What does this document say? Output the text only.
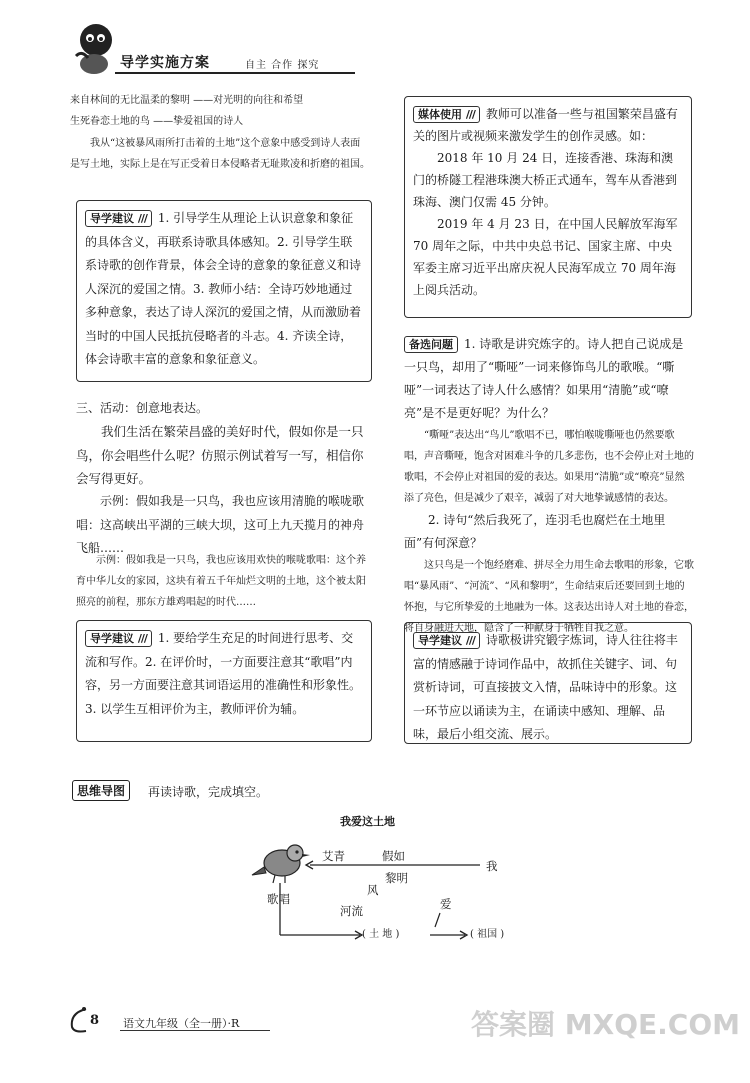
导学实施方案	自主 合作 探究
来自林间的无比温柔的黎明 ——对光明的向往和希望
生死眷恋土地的鸟 ——挚爱祖国的诗人
我从“这被暴风雨所打击着的土地”这个意象中感受到诗人表面是写土地，实际上是在写正受着日本侵略者无耻欺凌和折磨的祖国。
导学建议 /// 1. 引导学生从理论上认识意象和象征的具体含义，再联系诗歌具体感知。2. 引导学生联系诗歌的创作背景，体会全诗的意象的象征意义和诗人深沉的爱国之情。3. 教师小结：全诗巧妙地通过多种意象，表达了诗人深沉的爱国之情，从而激励着当时的中国人民抵抗侵略者的斗志。4. 齐读全诗，体会诗歌丰富的意象和象征意义。
三、活动：创意地表达。
我们生活在繁荣昌盛的美好时代，假如你是一只鸟，你会唱些什么呢？仿照示例试着写一写，相信你会写得更好。
示例：假如我是一只鸟，我也应该用清脆的喉咙歌唱：这高峡出平湖的三峡大坝，这可上九天揽月的神舟飞船……
示例：假如我是一只鸟，我也应该用欢快的喉咙歌唱：这个养育中华儿女的家园，这块有着五千年灿烂文明的土地，这个被太阳照亮的前程，那东方雄鸡唱起的时代……
导学建议 /// 1. 要给学生充足的时间进行思考、交流和写作。2. 在评价时，一方面要注意其“歌唱”内容，另一方面要注意其词语运用的准确性和形象性。3. 以学生互相评价为主，教师评价为辅。

媒体使用 /// 教师可以准备一些与祖国繁荣昌盛有关的图片或视频来激发学生的创作灵感。如：

2018 年 10 月 24 日，连接香港、珠海和澳门的桥隧工程港珠澳大桥正式通车，驾车从香港到珠海、澳门仅需 45 分钟。

2019 年 4 月 23 日，在中国人民解放军海军 70 周年之际，中共中央总书记、国家主席、中央军委主席习近平出席庆祝人民海军成立 70 周年海上阅兵活动。

备选问题 1. 诗歌是讲究炼字的。诗人把自己说成是一只鸟，却用了“嘶哑”一词来修饰鸟儿的歌喉。“嘶哑”一词表达了诗人什么感情？如果用“清脆”或“嘹亮”是不是更好呢？为什么？
“嘶哑”表达出“鸟儿”歌唱不已，哪怕喉咙嘶哑也仍然要歌唱，声音嘶哑，饱含对困难斗争的几多悲伤，也不会停止对土地的歌唱，不会停止对祖国的爱的表达。如果用“清脆”或“嘹亮”显然添了亮色，但是减少了艰辛，减弱了对大地挚诚感情的表达。
2. 诗句“然后我死了，连羽毛也腐烂在土地里面”有何深意？
这只鸟是一个饱经磨难、拼尽全力用生命去歌唱的形象，它歌唱“暴风雨”、“河流”、“风和黎明”，生命结束后还要回到土地的怀抱，与它所挚爱的土地融为一体。这表达出诗人对土地的眷恋，将自身融进大地，隐含了一种献身于牺牲自我之意。
导学建议 /// 诗歌极讲究锻字炼词，诗人往往将丰富的情感融于诗词作品中，故抓住关键字、词、句赏析诗词，可直接披文入情，品味诗中的形象。这一环节应以诵读为主，在诵读中感知、理解、品味，最后小组交流、展示。
思维导图	再读诗歌，完成填空。
我爱这土地
艾青	假如
我
黎明
风
歌唱
河流	爱
( 土 地 )	( 祖国 )
8 语文九年级（全一册）·R	答案圈 MXQE.COM
